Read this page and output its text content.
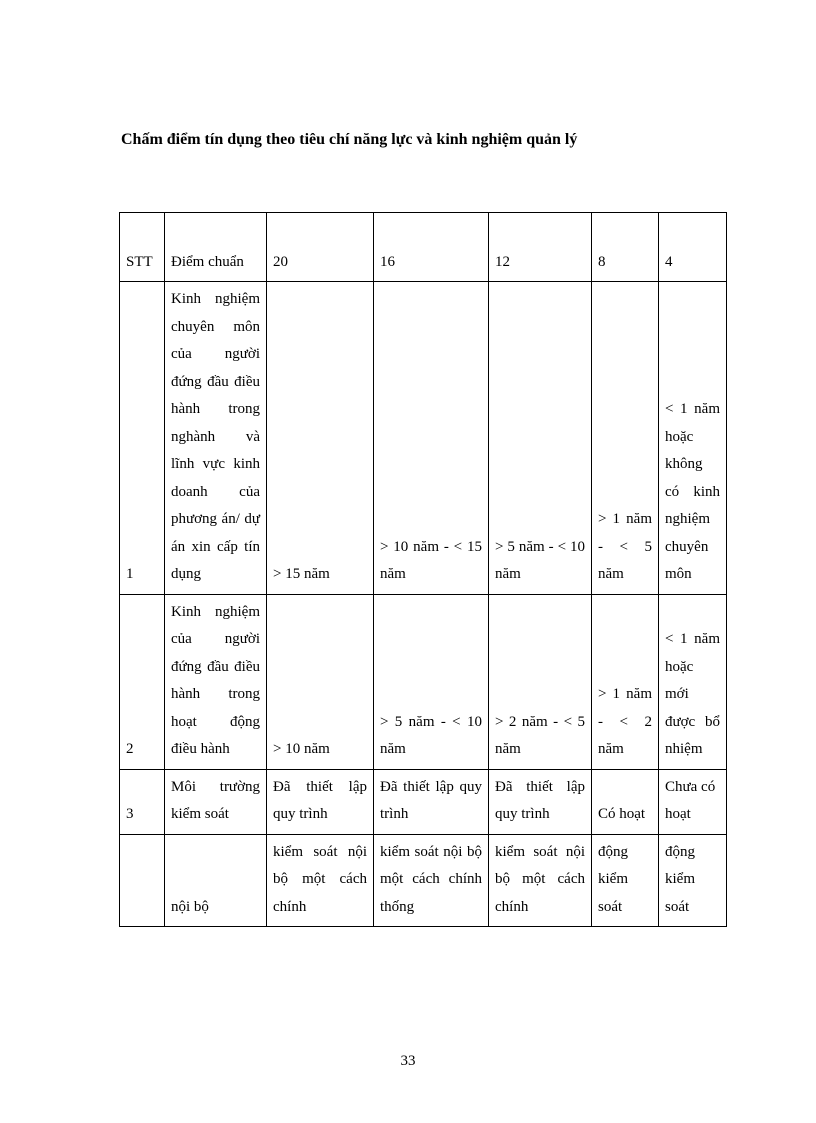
Chấm điểm tín dụng theo tiêu chí năng lực và kinh nghiệm quản lý
STT	Điểm chuẩn	20	16	12	8	4
1	Kinh nghiệm chuyên môn của người đứng đầu điều hành trong nghành và lĩnh vực kinh doanh của phương án/ dự án xin cấp tín dụng	> 15 năm	> 10 năm - < 15 năm	> 5 năm - < 10 năm	> 1 năm - < 5 năm	< 1 năm hoặc không có kinh nghiệm chuyên môn
2	Kinh nghiệm của người đứng đầu điều hành trong hoạt động điều hành	> 10 năm	> 5 năm - < 10 năm	> 2 năm - < 5 năm	> 1 năm - < 2 năm	< 1 năm hoặc mới được bổ nhiệm
3	Môi trường kiểm soát	Đã thiết lập quy trình	Đã thiết lập quy trình	Đã thiết lập quy trình	Có hoạt	Chưa có hoạt
	nội bộ	kiểm soát nội bộ một cách chính	kiểm soát nội bộ một cách chính thống	kiểm soát nội bộ một cách chính	động kiểm soát	động kiểm soát
33
